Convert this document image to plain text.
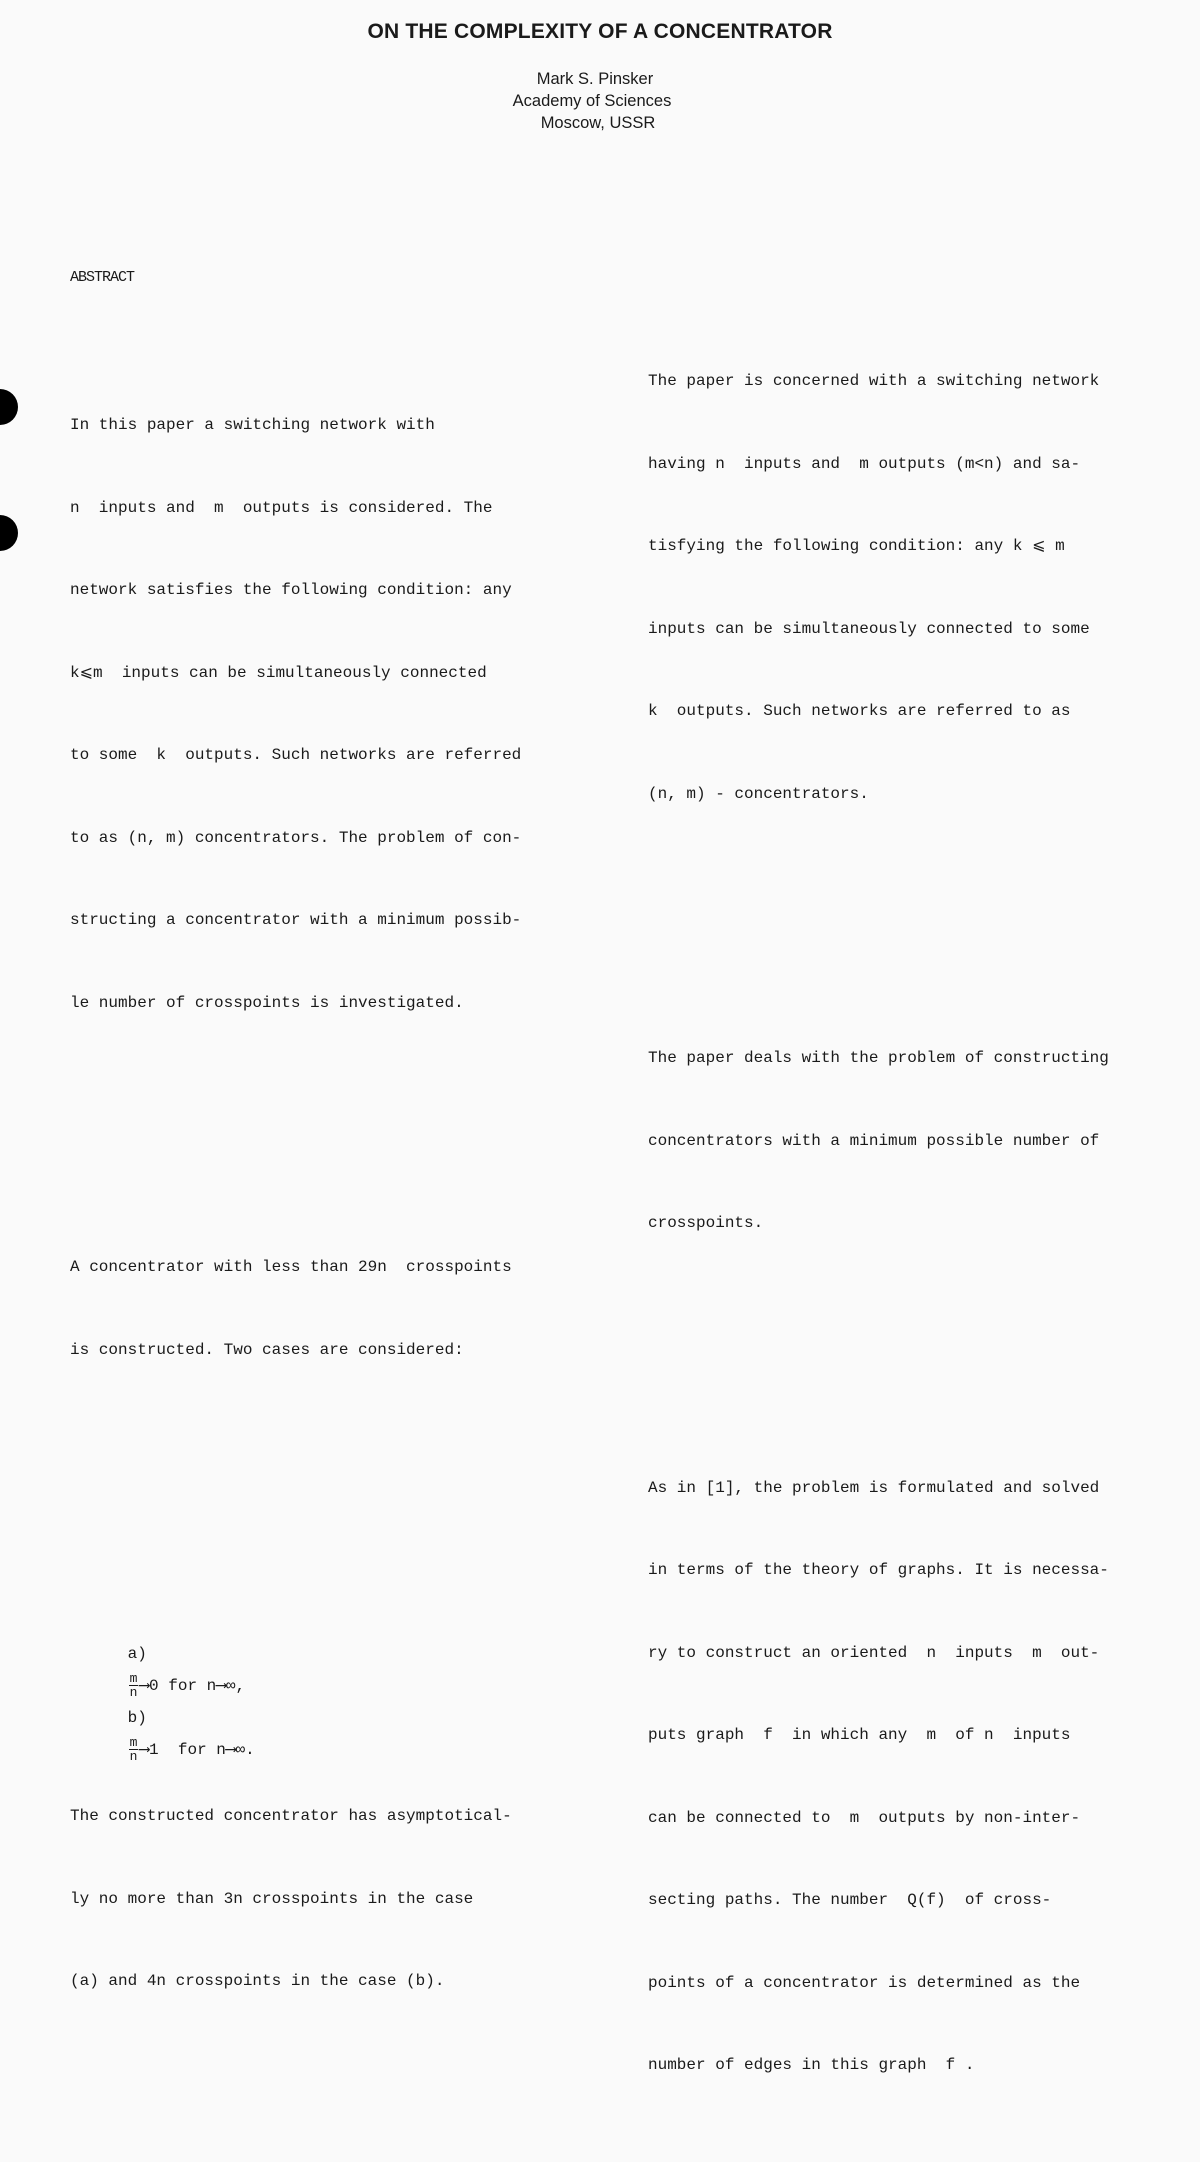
ON THE COMPLEXITY OF A CONCENTRATOR
Mark S. Pinsker
Academy of Sciences
Moscow, USSR
ABSTRACT

In this paper a switching network with

n  inputs and  m  outputs is considered. The

network satisfies the following condition: any

k⩽m  inputs can be simultaneously connected

to some  k  outputs. Such networks are referred

to as (n, m) concentrators. The problem of con-

structing a concentrator with a minimum possib-

le number of crosspoints is investigated.

A concentrator with less than 29n  crosspoints

is constructed. Two cases are considered:

a)

$\frac{m}{n}$ ⟶0 for n⟶∞,
b)

$\frac{m}{n}$ ⟶1  for n⟶∞.

The constructed concentrator has asymptotical-

ly no more than 3n crosspoints in the case

(a) and 4n crosspoints in the case (b).

The paper is concerned with a switching network

having n  inputs and  m outputs (m<n) and sa-

tisfying the following condition: any k ⩽ m

inputs can be simultaneously connected to some

k  outputs. Such networks are referred to as

(n, m) - concentrators.

The paper deals with the problem of constructing

concentrators with a minimum possible number of

crosspoints.

As in [1], the problem is formulated and solved

in terms of the theory of graphs. It is necessa-

ry to construct an oriented  n  inputs  m  out-

puts graph  f  in which any  m  of n  inputs

can be connected to  m  outputs by non-inter-

secting paths. The number  Q(f)  of cross-

points of a concentrator is determined as the

number of edges in this graph  f .
